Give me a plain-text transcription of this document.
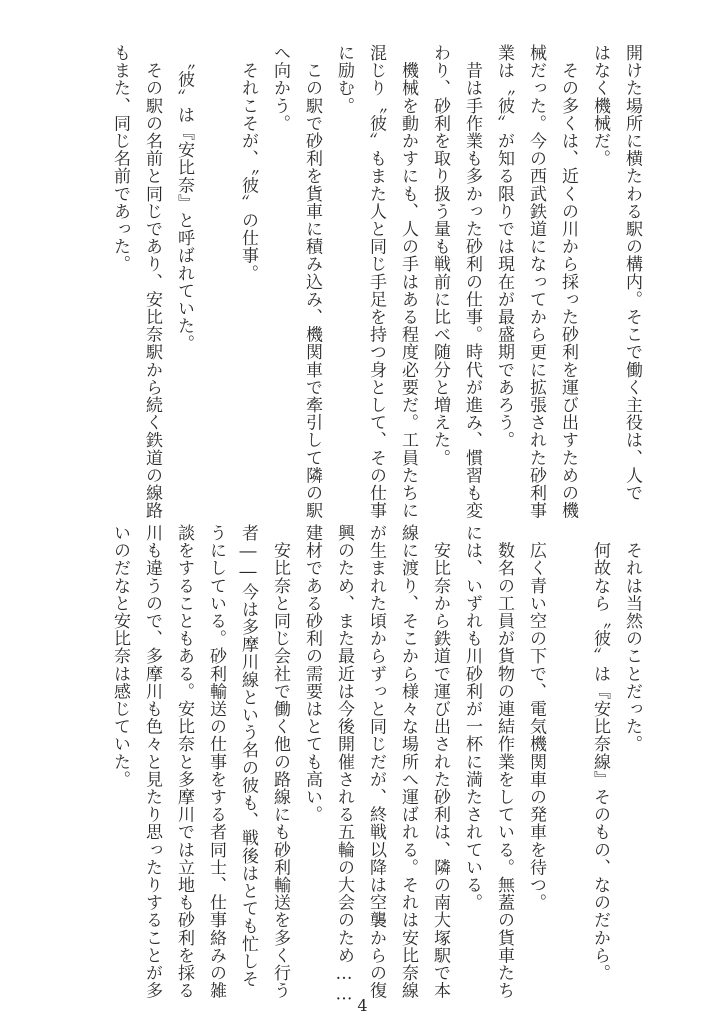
開けた場所に横たわる駅の構内。そこで働く主役は、人で
はなく機械だ。
　その多くは、近くの川から採った砂利を運び出すための機
械だった。今の西武鉄道になってから更に拡張された砂利事
業は〝彼〟が知る限りでは現在が最盛期であろう。
　昔は手作業も多かった砂利の仕事。時代が進み、慣習も変
わり、砂利を取り扱う量も戦前に比べ随分と増えた。
　機械を動かすにも、人の手はある程度必要だ。工員たちに
混じり〝彼〟もまた人と同じ手足を持つ身として、その仕事
に励む。
　この駅で砂利を貨車に積み込み、機関車で牽引して隣の駅
へ向かう。
　それこそが、〝彼〟の仕事。
　〝彼〟は『安比奈』と呼ばれていた。
　その駅の名前と同じであり、安比奈駅から続く鉄道の線路
もまた、同じ名前であった。
　それは当然のことだった。
　何故なら〝彼〟は『安比奈線』そのもの、なのだから。
　広く青い空の下で、電気機関車の発車を待つ。
　数名の工員が貨物の連結作業をしている。無蓋の貨車たち
には、いずれも川砂利が一杯に満たされている。
　安比奈から鉄道で運び出された砂利は、隣の南大塚駅で本
線に渡り、そこから様々な場所へ運ばれる。それは安比奈線
が生まれた頃からずっと同じだが、終戦以降は空襲からの復
興のため、また最近は今後開催される五輪の大会のため……
建材である砂利の需要はとても高い。
　安比奈と同じ会社で働く他の路線にも砂利輸送を多く行う
者――今は多摩川線という名の彼も、戦後はとても忙しそ
うにしている。砂利輸送の仕事をする者同士、仕事絡みの雑
談をすることもある。安比奈と多摩川では立地も砂利を採る
川も違うので、多摩川も色々と見たり思ったりすることが多
いのだなと安比奈は感じていた。
4
